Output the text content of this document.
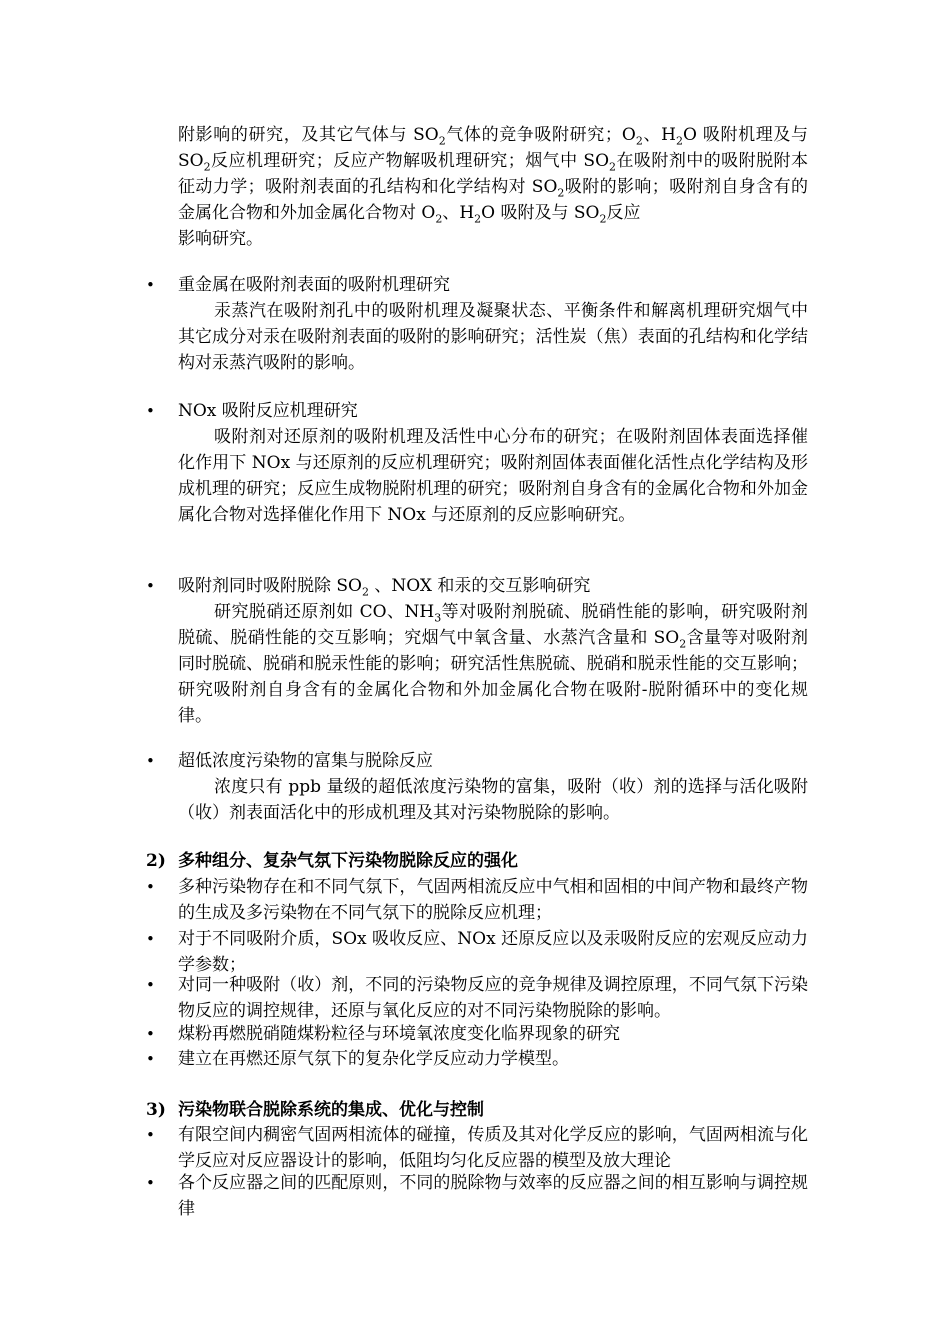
附影响的研究，及其它气体与 $SO_2$气体的竞争吸附研究；$O_2$、$H_2O$ 吸附机理及与 $SO_2$反应机理研究；反应产物解吸机理研究；烟气中 $SO_2$在吸附剂中的吸附脱附本征动力学；吸附剂表面的孔结构和化学结构对 $SO_2$吸附的影响；吸附剂自身含有的金属化合物和外加金属化合物对 $O_2$、$H_2O$ 吸附及与 $SO_2$反应
影响研究。
•	重金属在吸附剂表面的吸附机理研究
汞蒸汽在吸附剂孔中的吸附机理及凝聚状态、平衡条件和解离机理研究烟气中其它成分对汞在吸附剂表面的吸附的影响研究；活性炭（焦）表面的孔结构和化学结构对汞蒸汽吸附的影响。
•	NOx 吸附反应机理研究
吸附剂对还原剂的吸附机理及活性中心分布的研究；在吸附剂固体表面选择催化作用下 NOx 与还原剂的反应机理研究；吸附剂固体表面催化活性点化学结构及形成机理的研究；反应生成物脱附机理的研究；吸附剂自身含有的金属化合物和外加金属化合物对选择催化作用下 NOx 与还原剂的反应影响研究。
•	吸附剂同时吸附脱除 $SO_2$ 、NOX 和汞的交互影响研究
研究脱硝还原剂如 CO、$NH_3$等对吸附剂脱硫、脱硝性能的影响，研究吸附剂脱硫、脱硝性能的交互影响；究烟气中氧含量、水蒸汽含量和 $SO_2$含量等对吸附剂同时脱硫、脱硝和脱汞性能的影响；研究活性焦脱硫、脱硝和脱汞性能的交互影响；研究吸附剂自身含有的金属化合物和外加金属化合物在吸附-脱附循环中的变化规律。
•	超低浓度污染物的富集与脱除反应
浓度只有 ppb 量级的超低浓度污染物的富集，吸附（收）剂的选择与活化吸附（收）剂表面活化中的形成机理及其对污染物脱除的影响。
2) 多种组分、复杂气氛下污染物脱除反应的强化
•	多种污染物存在和不同气氛下，气固两相流反应中气相和固相的中间产物和最终产物的生成及多污染物在不同气氛下的脱除反应机理；
•	对于不同吸附介质，SOx 吸收反应、NOx 还原反应以及汞吸附反应的宏观反应动力学参数；
•	对同一种吸附（收）剂，不同的污染物反应的竞争规律及调控原理，不同气氛下污染物反应的调控规律，还原与氧化反应的对不同污染物脱除的影响。
•	煤粉再燃脱硝随煤粉粒径与环境氧浓度变化临界现象的研究
•	建立在再燃还原气氛下的复杂化学反应动力学模型。
3) 污染物联合脱除系统的集成、优化与控制
•	有限空间内稠密气固两相流体的碰撞，传质及其对化学反应的影响，气固两相流与化学反应对反应器设计的影响，低阻均匀化反应器的模型及放大理论
•	各个反应器之间的匹配原则，不同的脱除物与效率的反应器之间的相互影响与调控规律
